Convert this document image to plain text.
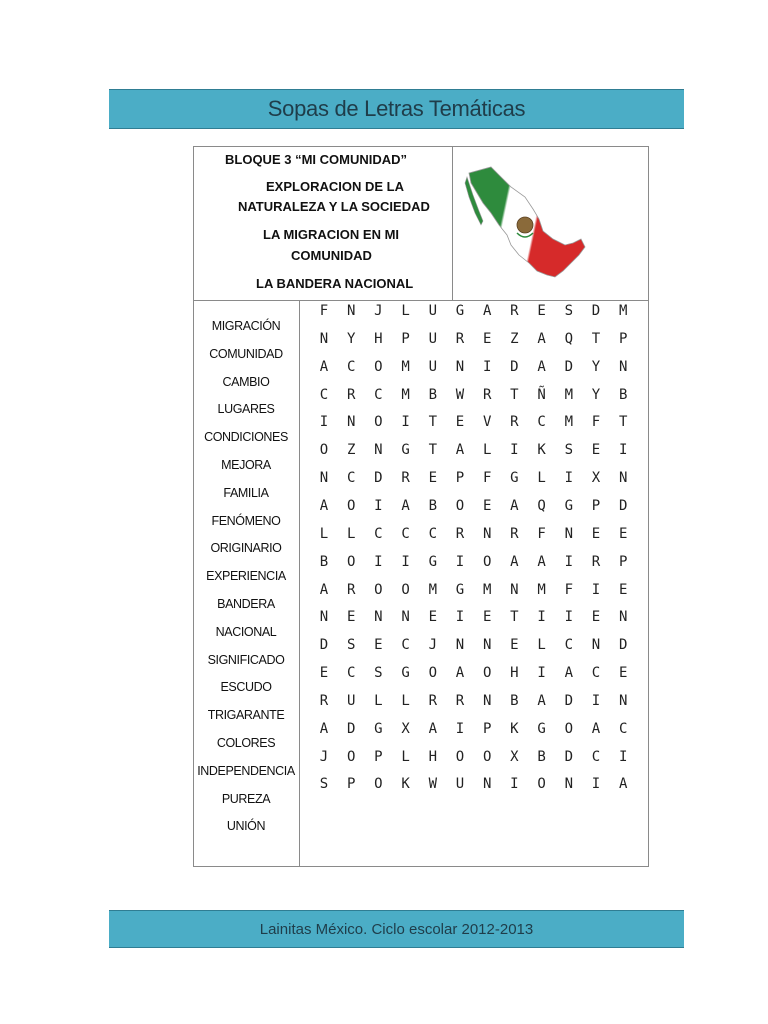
Sopas de Letras Temáticas
BLOQUE 3 “MI COMUNIDAD”
EXPLORACION DE LA
NATURALEZA Y LA SOCIEDAD
LA MIGRACION EN MI
COMUNIDAD
LA BANDERA NACIONAL
MIGRACIÓN
COMUNIDAD
CAMBIO
LUGARES
CONDICIONES
MEJORA
FAMILIA
FENÓMENO
ORIGINARIO
EXPERIENCIA
BANDERA
NACIONAL
SIGNIFICADO
ESCUDO
TRIGARANTE
COLORES
INDEPENDENCIA
PUREZA
UNIÓN
F	N	J	L	U	G	A	R	E	S	D	M
N	Y	H	P	U	R	E	Z	A	Q	T	P
A	C	O	M	U	N	I	D	A	D	Y	N
C	R	C	M	B	W	R	T	Ñ	M	Y	B
I	N	O	I	T	E	V	R	C	M	F	T
O	Z	N	G	T	A	L	I	K	S	E	I
N	C	D	R	E	P	F	G	L	I	X	N
A	O	I	A	B	O	E	A	Q	G	P	D
L	L	C	C	C	R	N	R	F	N	E	E
B	O	I	I	G	I	O	A	A	I	R	P
A	R	O	O	M	G	M	N	M	F	I	E
N	E	N	N	E	I	E	T	I	I	E	N
D	S	E	C	J	N	N	E	L	C	N	D
E	C	S	G	O	A	O	H	I	A	C	E
R	U	L	L	R	R	N	B	A	D	I	N
A	D	G	X	A	I	P	K	G	O	A	C
J	O	P	L	H	O	O	X	B	D	C	I
S	P	O	K	W	U	N	I	O	N	I	A
Lainitas México. Ciclo escolar 2012-2013
